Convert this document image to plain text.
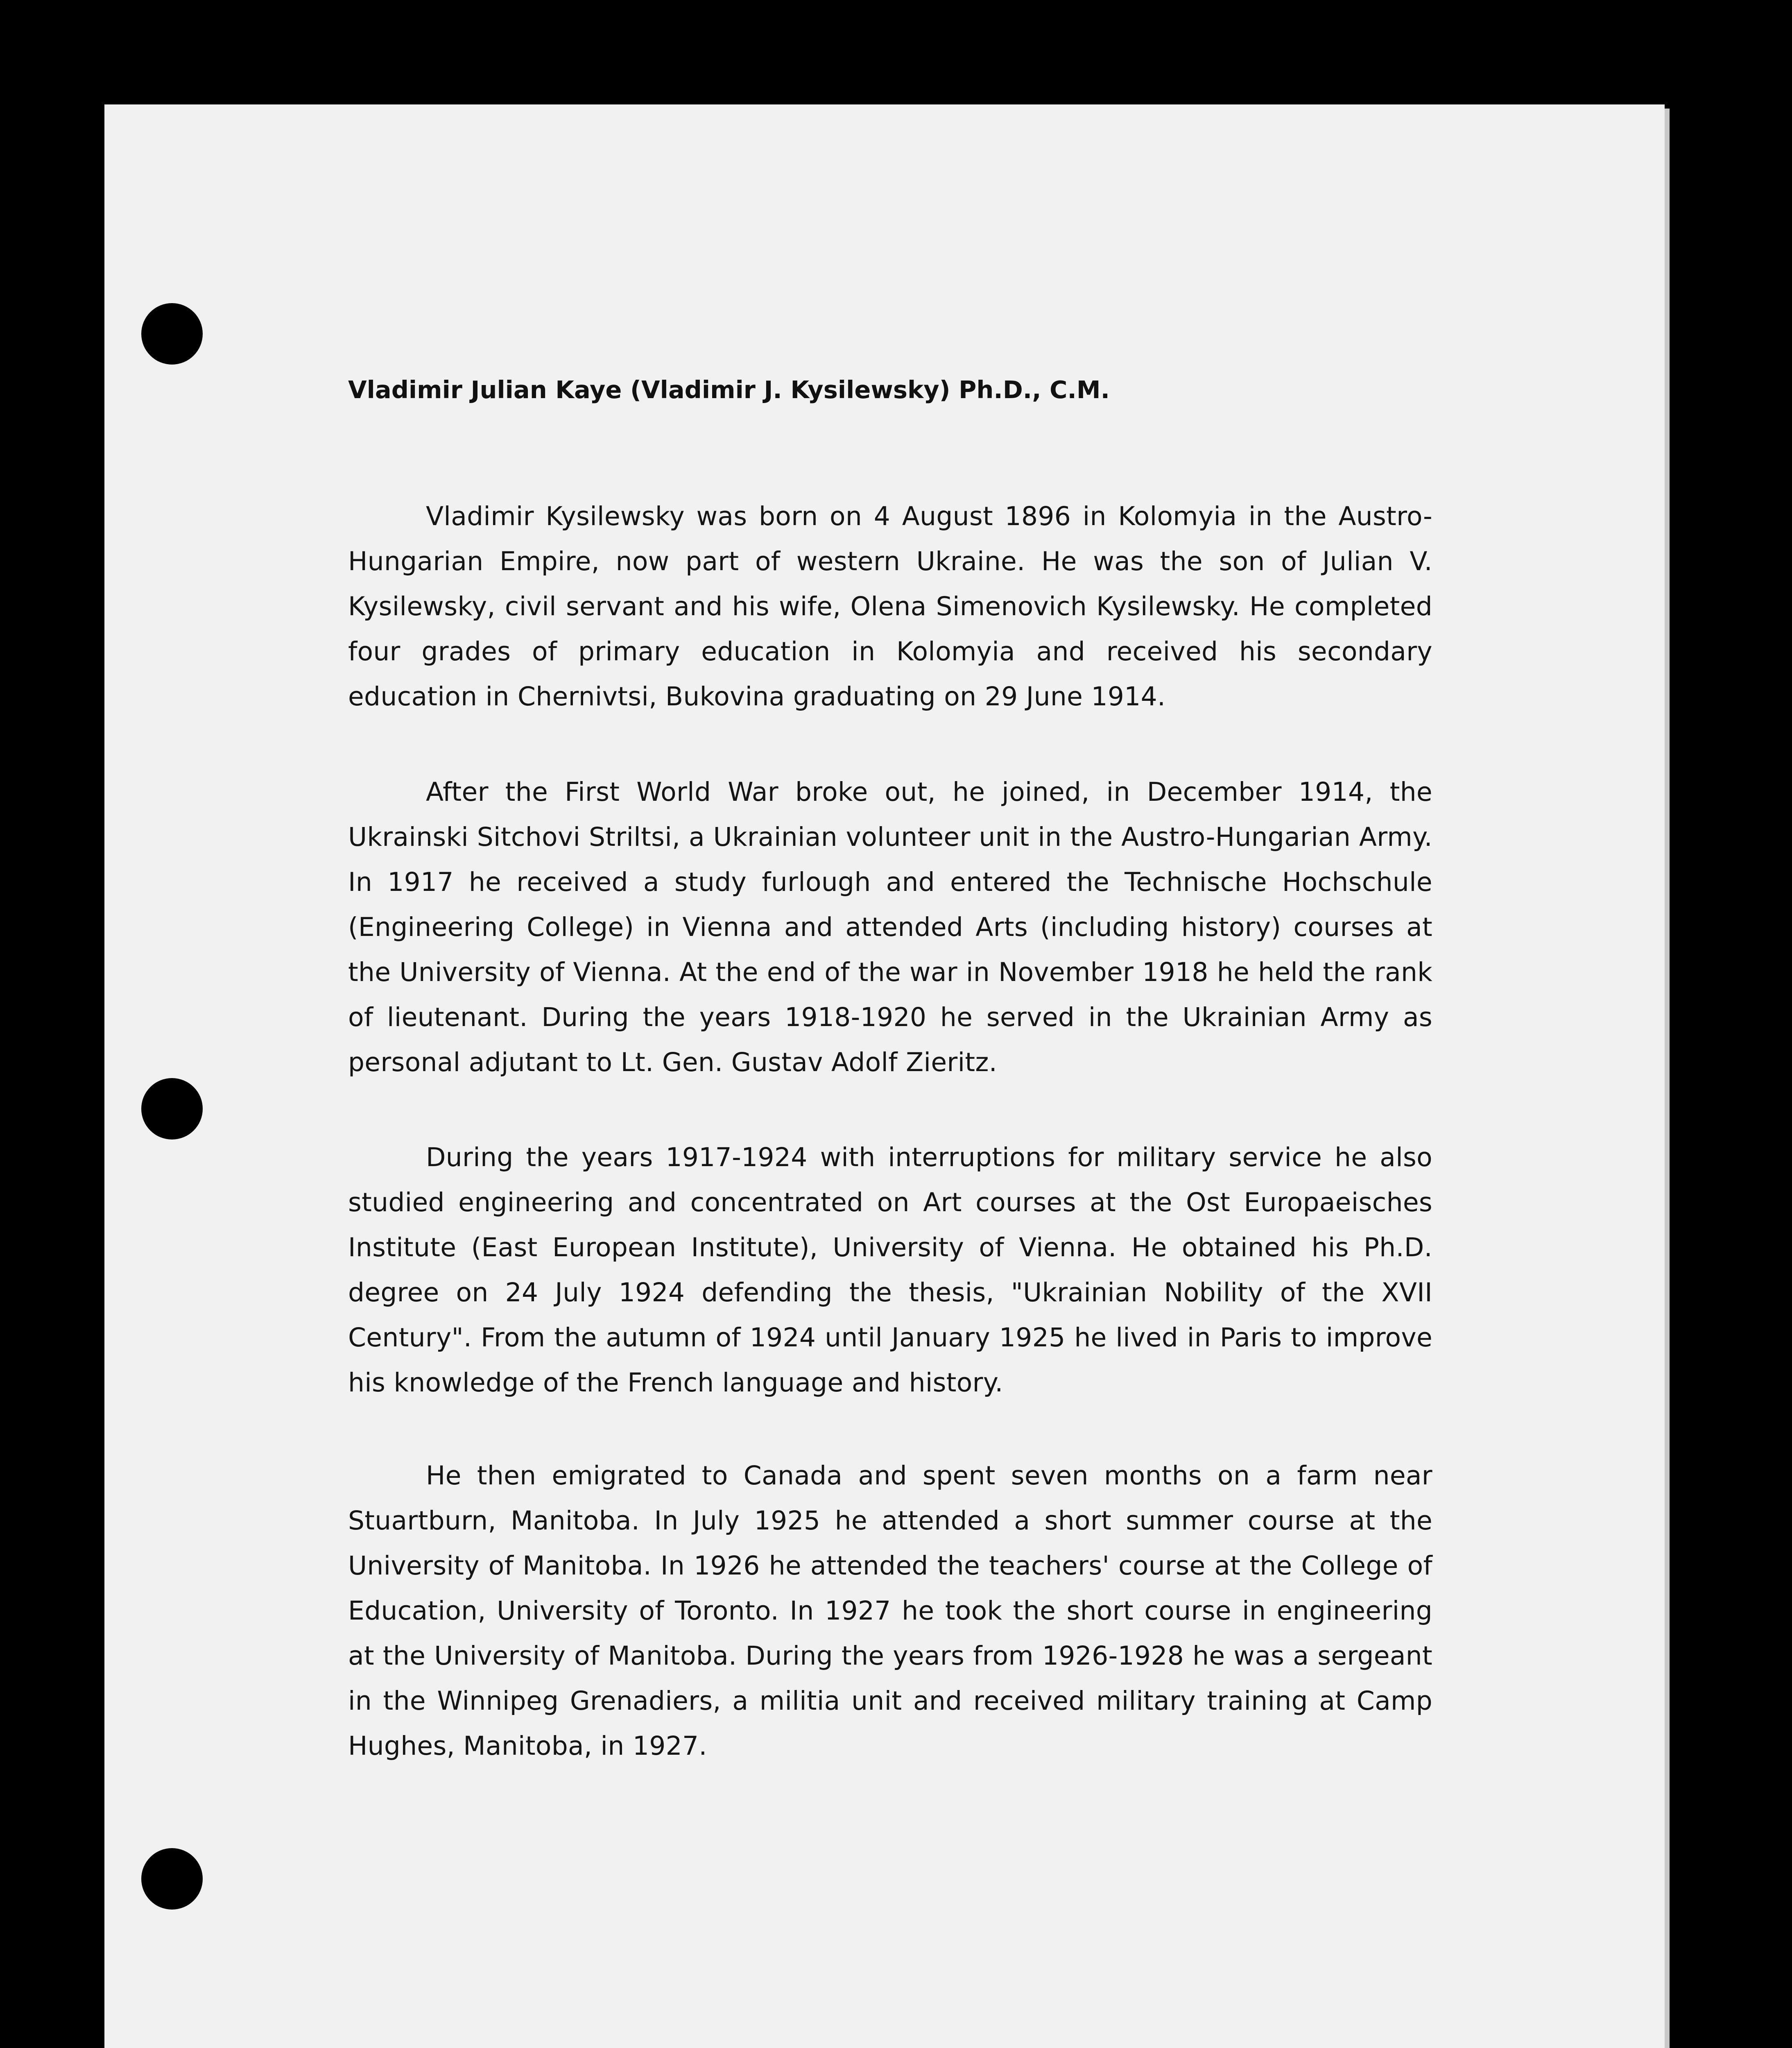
Vladimir Julian Kaye (Vladimir J. Kysilewsky) Ph.D., C.M.

Vladimir Kysilewsky was born on 4 August 1896 in Kolomyia in the Austro-Hungarian Empire, now part of western Ukraine. He was the son of Julian V. Kysilewsky, civil servant and his wife, Olena Simenovich Kysilewsky. He completed four grades of primary education in Kolomyia and received his secondary education in Chernivtsi, Bukovina graduating on 29 June 1914.

After the First World War broke out, he joined, in December 1914, the Ukrainski Sitchovi Striltsi, a Ukrainian volunteer unit in the Austro-Hungarian Army. In 1917 he received a study furlough and entered the Technische Hochschule (Engineering College) in Vienna and attended Arts (including history) courses at the University of Vienna. At the end of the war in November 1918 he held the rank of lieutenant. During the years 1918-1920 he served in the Ukrainian Army as personal adjutant to Lt. Gen. Gustav Adolf Zieritz.

During the years 1917-1924 with interruptions for military service he also studied engineering and concentrated on Art courses at the Ost Europaeisches Institute (East European Institute), University of Vienna. He obtained his Ph.D. degree on 24 July 1924 defending the thesis, "Ukrainian Nobility of the XVII Century". From the autumn of 1924 until January 1925 he lived in Paris to improve his knowledge of the French language and history.

He then emigrated to Canada and spent seven months on a farm near Stuartburn, Manitoba. In July 1925 he attended a short summer course at the University of Manitoba. In 1926 he attended the teachers' course at the College of Education, University of Toronto. In 1927 he took the short course in engineering at the University of Manitoba. During the years from 1926-1928 he was a sergeant in the Winnipeg Grenadiers, a militia unit and received military training at Camp Hughes, Manitoba, in 1927.
